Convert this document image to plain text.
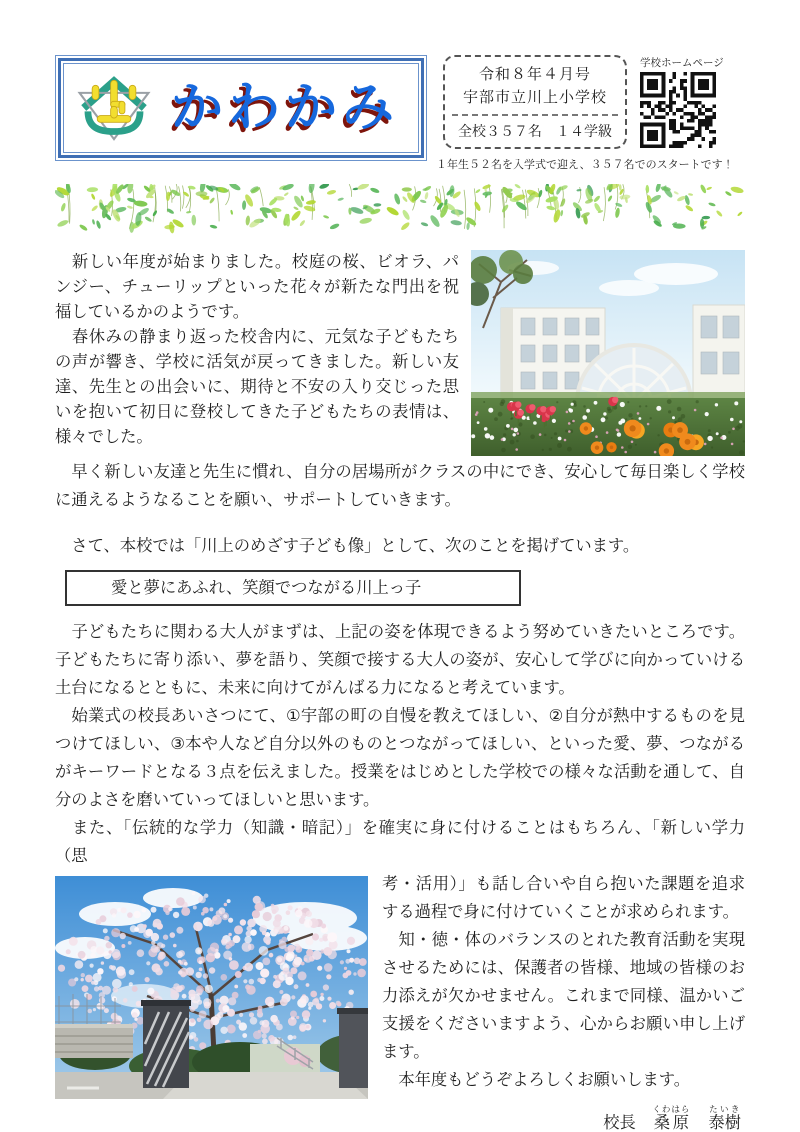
かわかみ
令和８年４月号
宇部市立川上小学校
全校３５７名　１４学級
学校ホームページ
１年生５２名を入学式で迎え、３５７名でのスタートです！

　新しい年度が始まりました。校庭の桜、ビオラ、パンジー、チューリップといった花々が新たな門出を祝福しているかのようです。

　春休みの静まり返った校舎内に、元気な子どもたちの声が響き、学校に活気が戻ってきました。新しい友達、先生との出会いに、期待と不安の入り交じった思いを抱いて初日に登校してきた子どもたちの表情は、様々でした。

　早く新しい友達と先生に慣れ、自分の居場所がクラスの中にでき、安心して毎日楽しく学校に通えるようなることを願い、サポートしていきます。

　さて、本校では「川上のめざす子ども像」として、次のことを掲げています。

愛と夢にあふれ、笑顔でつながる川上っ子

　子どもたちに関わる大人がまずは、上記の姿を体現できるよう努めていきたいところです。子どもたちに寄り添い、夢を語り、笑顔で接する大人の姿が、安心して学びに向かっていける土台になるとともに、未来に向けてがんばる力になると考えています。

　始業式の校長あいさつにて、①宇部の町の自慢を教えてほしい、②自分が熱中するものを見つけてほしい、③本や人など自分以外のものとつながってほしい、といった愛、夢、つながるがキーワードとなる３点を伝えました。授業をはじめとした学校での様々な活動を通して、自分のよさを磨いていってほしいと思います。

　また、「伝統的な学力（知識・暗記）」を確実に身に付けることはもちろん、「新しい学力（思

考・活用）」も話し合いや自ら抱いた課題を追求する過程で身に付けていくことが求められます。

　知・徳・体のバランスのとれた教育活動を実現させるためには、保護者の皆様、地域の皆様のお力添えが欠かせません。これまで同様、温かいご支援をくださいますよう、心からお願い申し上げます。

　本年度もどうぞよろしくお願いします。

校長 桑原くわはら泰樹たいき
